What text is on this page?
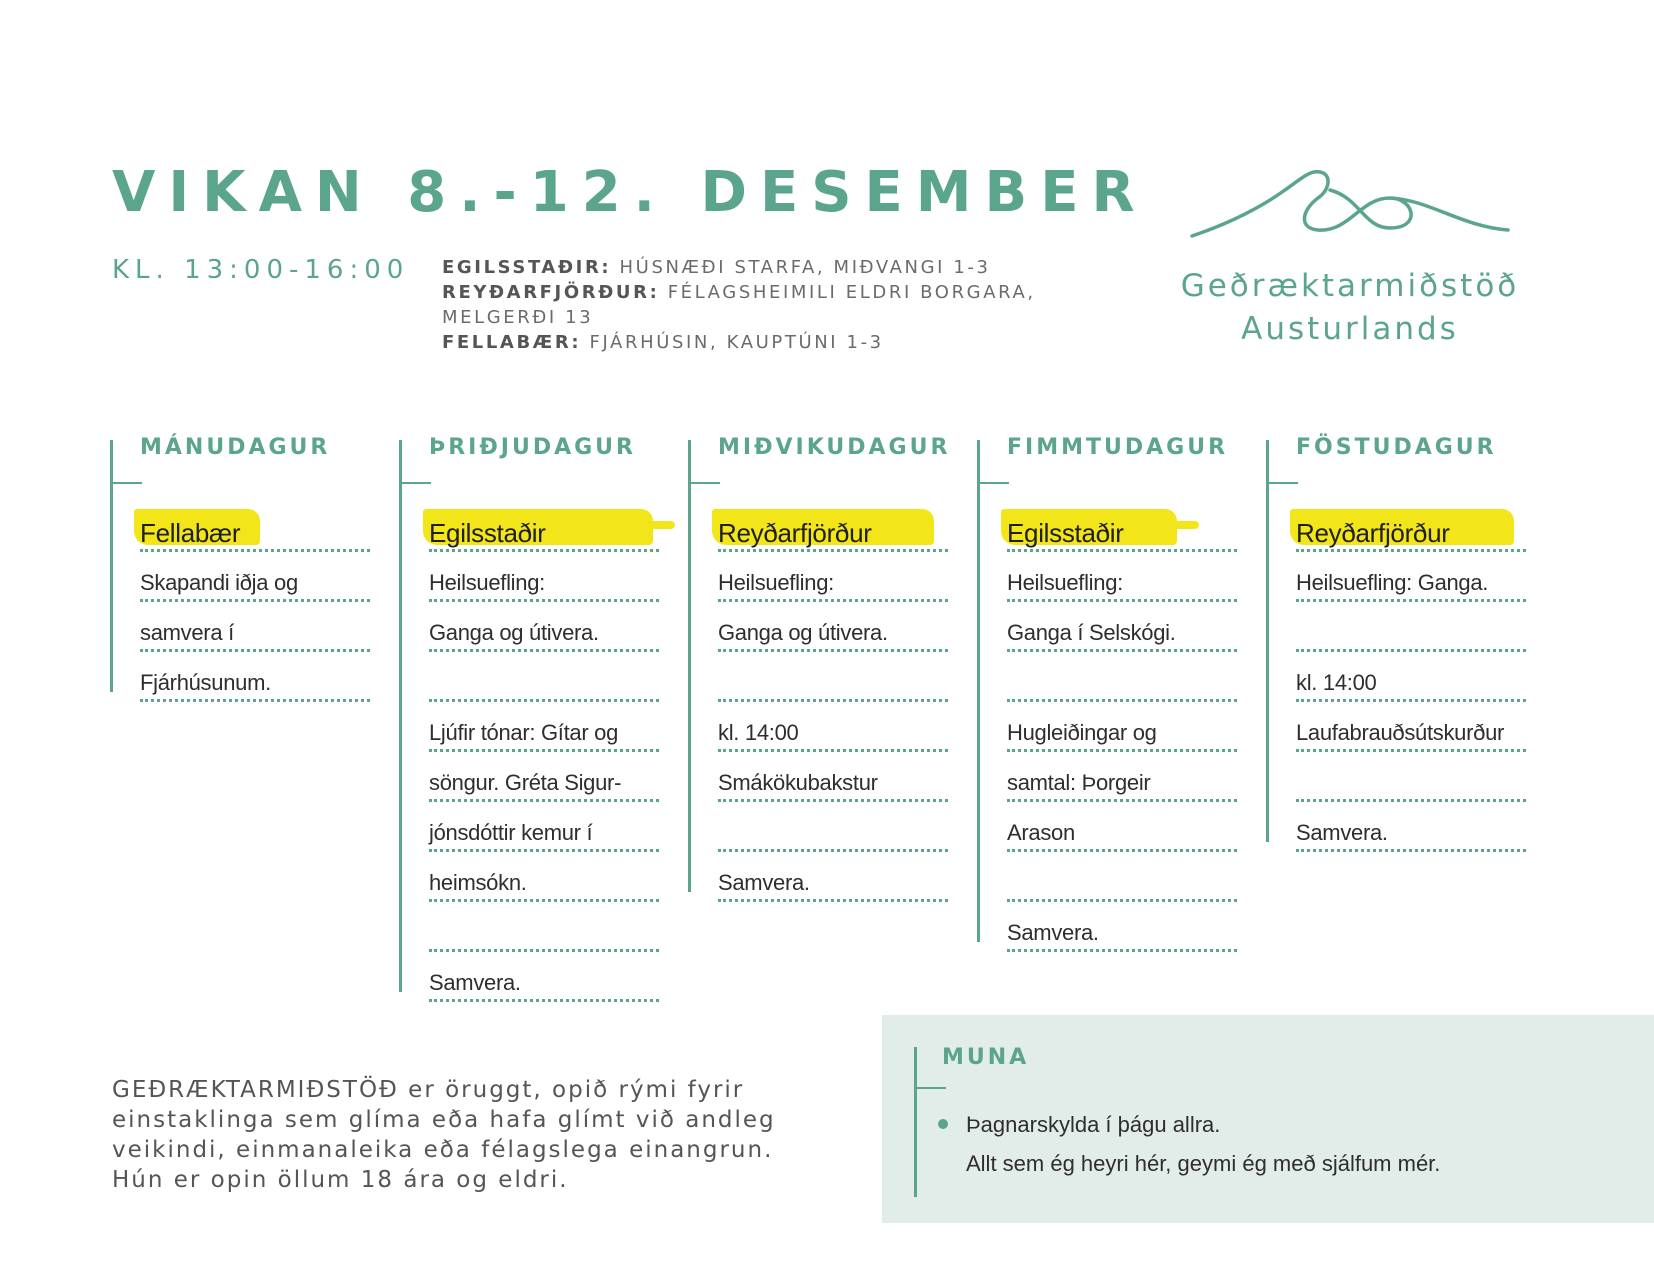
VIKAN 8.-12. DESEMBER
KL. 13:00-16:00 EGILSSTAÐIR: HÚSNÆÐI STARFA, MIÐVANGI 1-3
REYÐARFJÖRÐUR: FÉLAGSHEIMILI ELDRI BORGARA, MELGERÐI 13
FELLABÆR: FJÁRHÚSIN, KAUPTÚNI 1-3
Geðræktarmiðstöð
Austurlands
MÁNUDAGUR
Fellabær
Skapandi iðja og
samvera í
Fjárhúsunum.
ÞRIÐJUDAGUR
Egilsstaðir
Heilsuefling:
Ganga og útivera.
Ljúfir tónar: Gítar og
söngur. Gréta Sigur-
jónsdóttir kemur í
heimsókn.
Samvera.
MIÐVIKUDAGUR
Reyðarfjörður
Heilsuefling:
Ganga og útivera.
kl. 14:00
Smákökubakstur
Samvera.
FIMMTUDAGUR
Egilsstaðir
Heilsuefling:
Ganga í Selskógi.
Hugleiðingar og
samtal: Þorgeir
Arason
Samvera.
FÖSTUDAGUR
Reyðarfjörður
Heilsuefling: Ganga.
kl. 14:00
Laufabrauðsútskurður
Samvera.
GEÐRÆKTARMIÐSTÖÐ er öruggt, opið rými fyrir einstaklinga sem glíma eða hafa glímt við andleg veikindi, einmanaleika eða félagslega einangrun. Hún er opin öllum 18 ára og eldri.
MUNA
Þagnarskylda í þágu allra.
Allt sem ég heyri hér, geymi ég með sjálfum mér.
